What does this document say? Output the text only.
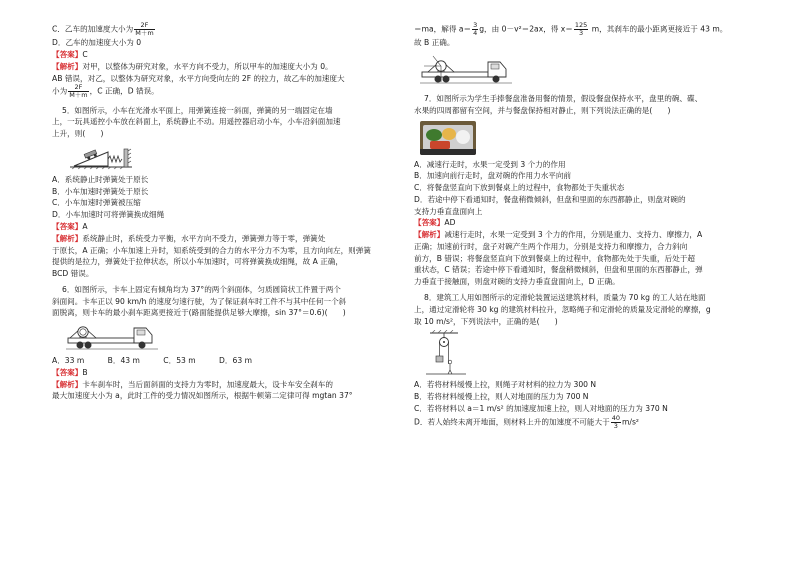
C．乙车的加速度大小为 $\frac{2F}{M+m}$

D．乙车的加速度大小为 0

【答案】C

【解析】对甲，以整体为研究对象，水平方向不受力，所以甲车的加速度大小为 0。

AB 错误，对乙，以整体为研究对象，水平方向受向左的 2F 的拉力，故乙车的加速度大

小为 $\frac{2F}{M+m}$ ，C 正确，D 错误。

5．如图所示，小车在光滑水平面上，用弹簧连接一斜面，弹簧的另一端固定在墙

上，一玩具遥控小车放在斜面上，系统静止不动。用遥控器启动小车，小车沿斜面加速

上升，则(　　)

A．系统静止时弹簧处于原长

B．小车加速时弹簧处于原长

C．小车加速时弹簧被压缩

D．小车加速时可将弹簧换成细绳

【答案】A

【解析】系统静止时，系统受力平衡，水平方向不受力，弹簧弹力等于零，弹簧处

于原长，A 正确；小车加速上升时，知系统受到的合力的水平分力不为零，且方向向左，则弹簧

提供的是拉力，弹簧处于拉伸状态，所以小车加速时，可将弹簧换成细绳，故 A 正确，

BCD 错误。

6．如图所示，卡车上固定有倾角均为 37°的两个斜面体，匀质圆筒状工件置于两个

斜面间。卡车正以 90 km/h 的速度匀速行驶，为了保证刹车时工件不与其中任何一个斜

面脱离，则卡车的最小刹车距离更接近于(路面能提供足够大摩擦，sin 37°＝0.6)(　　)

A．33 m	B．43 m	C．53 m	D．63 m

【答案】B

【解析】卡车刹车时，当后面斜面的支持力为零时，加速度最大，设卡车安全刹车的

最大加速度大小为 a，此时工件的受力情况如图所示，根据牛顿第二定律可得 mgtan 37°

＝ma，解得 $a= \frac{3}{4}$ g，由 0－v²＝2ax，得 $x= \frac{125}{3}$ m，其刹车的最小距离更接近于 43 m。

故 B 正确。

7．如图所示为学生手捧餐盘准备用餐的情景，假设餐盘保持水平，盘里的碗、碟、

水果的四周都留有空间，并与餐盘保持相对静止，则下列说法正确的是(　　)

A．减速行走时，水果一定受到 3 个力的作用

B．加速向前行走时，盘对碗的作用力水平向前

C．将餐盘竖直向下放到餐桌上的过程中，食物都处于失重状态

D．若途中停下看通知时，餐盘稍微倾斜，但盘和里面的东西都静止，则盘对碗的

支持力垂直盘面向上

【答案】AD

【解析】减速行走时，水果一定受到 3 个力的作用，分别是重力、支持力、摩擦力，A

正确；加速前行时，盘子对碗产生两个作用力，分别是支持力和摩擦力，合力斜向

前方，B 错误；将餐盘竖直向下放到餐桌上的过程中，食物都先处于失重，后处于超

重状态，C 错误；若途中停下看通知时，餐盘稍微倾斜，但盘和里面的东西都静止，弹

力垂直于接触面，则盘对碗的支持力垂直盘面向上，D 正确。

8．建筑工人用如图所示的定滑轮装置运送建筑材料，质量为 70 kg 的工人站在地面

上，通过定滑轮将 30 kg 的建筑材料拉升，忽略绳子和定滑轮的质量及定滑轮的摩擦，g

取 10 m/s²，下列说法中，正确的是(　　)

A．若将材料缓慢上拉，则绳子对材料的拉力为 300 N

B．若将材料缓慢上拉，则人对地面的压力为 700 N

C．若将材料以 a＝1 m/s² 的加速度加速上拉，则人对地面的压力为 370 N

D．若人始终未离开地面，则材料上升的加速度不可能大于 $\frac{40}{3} m/s^2$
